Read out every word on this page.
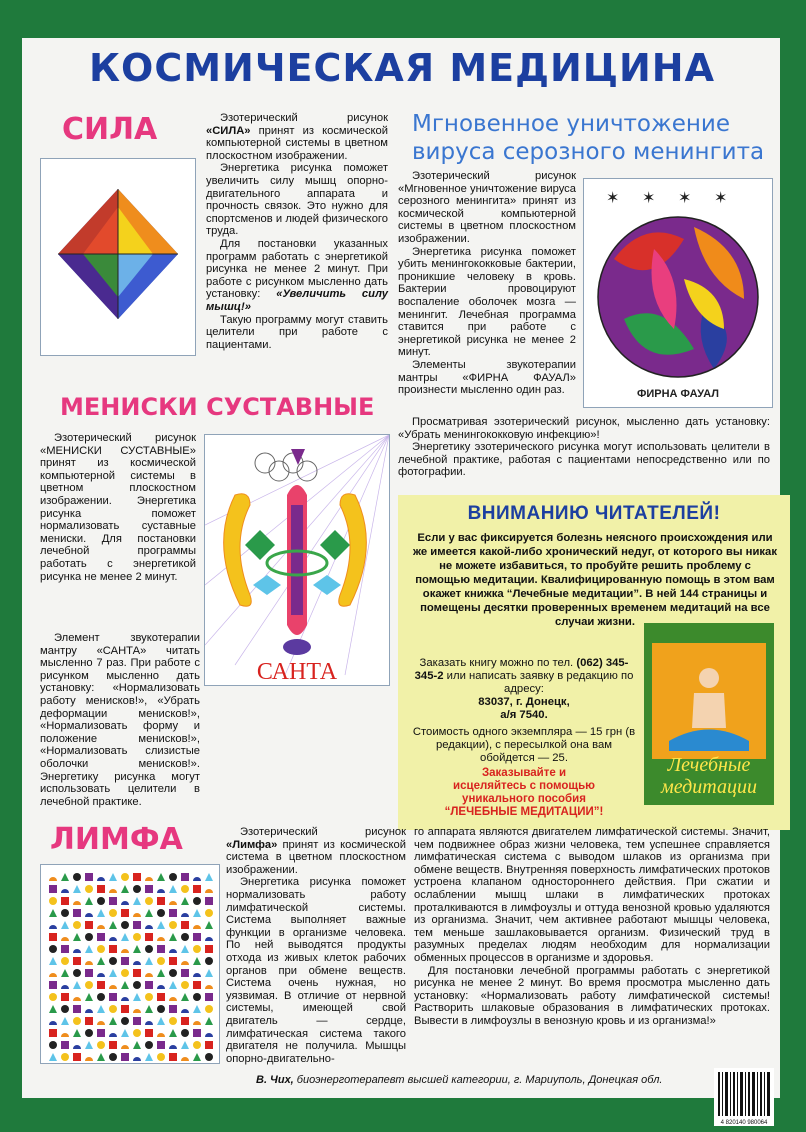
КОСМИЧЕСКАЯ МЕДИЦИНА
СИЛА	Эзотерический рисунок «СИЛА» принят из космической компьютерной системы в цветном плоскостном изображении.

Энергетика рисунка поможет увеличить силу мышц опорно-двигательного аппарата и прочность связок. Это нужно для спортсменов и людей физического труда.

Для постановки указанных программ работать с энергетикой рисунка не менее 2 минут. При работе с рисунком мысленно дать установку: «Увеличить силу мышц!»

Такую программу могут ставить целители при работе с пациентами.

Мгновенное уничтожение вируса серозного менингита

Эзотерический рисунок «Мгновенное уничтожение вируса серозного менингита» принят из космической компьютерной системы в цветном плоскостном изображении.

Энергетика рисунка поможет убить менингококковые бактерии, проникшие человеку в кровь. Бактерии провоцируют воспаление оболочек мозга — менингит. Лечебная программа ставится при работе с энергетикой рисунка не менее 2 минут.

Элементы звукотерапии мантры «ФИРНА ФАУАЛ» произнести мысленно один раз.

✶ ✶ ✶ ✶
ФИРНА ФАУАЛ

Просматривая эзотерический рисунок, мысленно дать установку: «Убрать менингококковую инфекцию»!

Энергетику эзотерического рисунка могут использовать целители в лечебной практике, работая с пациентами непосредственно или по фотографии.

МЕНИСКИ СУСТАВНЫЕ

Эзотерический рисунок «МЕНИСКИ СУСТАВНЫЕ» принят из космической компьютерной системы в цветном плоскостном изображении. Энергетика рисунка поможет нормализовать суставные мениски. Для постановки лечебной программы работать с энергетикой рисунка не менее 2 минут.

САНТА

Элемент звукотерапии мантру «САНТА» читать мысленно 7 раз. При работе с рисунком мысленно дать установку: «Нормализовать работу менисков!», «Убрать деформации менисков!», «Нормализовать форму и положение менисков!», «Нормализовать слизистые оболочки менисков!». Энергетику рисунка могут использовать целители в лечебной практике.

ВНИМАНИЮ ЧИТАТЕЛЕЙ!
Если у вас фиксируется болезнь неясного происхождения или же имеется какой-либо хронический недуг, от которого вы никак не можете избавиться, то пробуйте решить проблему с помощью медитации. Квалифицированную помощь в этом вам окажет книжка “Лечебные медитации”. В ней 144 страницы и помещены десятки проверенных временем медитаций на все случаи жизни.
Заказать книгу можно по тел. (062) 345-345-2 или написать заявку в редакцию по адресу:
83037, г. Донецк,
а/я 7540.
Стоимость одного экземпляра — 15 грн (в редакции), с пересылкой она вам обойдется — 25.
Заказывайте и
исцеляйтесь с помощью
уникального пособия
“ЛЕЧЕБНЫЕ МЕДИТАЦИИ”!
Лечебные
медитации
ЛИМФА	Эзотерический рисунок «Лимфа» принят из космической система в цветном плоскостном изображении.

Энергетика рисунка поможет нормализовать работу лимфатической системы. Система выполняет важные функции в организме человека. По ней выводятся продукты отхода из живых клеток рабочих органов при обмене веществ. Система очень нужная, но уязвимая. В отличие от нервной системы, имеющей свой двигатель — сердце, лимфатическая система такого двигателя не получила. Мышцы опорно-двигательно-

го аппарата являются двигателем лимфатической системы. Значит, чем подвижнее образ жизни человека, тем успешнее справляется лимфатическая система с выводом шлаков из организма при обмене веществ. Внутренняя поверхность лимфатических протоков устроена клапаном одностороннего действия. При сжатии и ослаблении мышц шлаки в лимфатических протоках проталкиваются в лимфоузлы и оттуда венозной кровью удаляются из организма. Значит, чем активнее работают мышцы человека, тем меньше зашлаковывается организм. Физический труд в разумных пределах людям необходим для нормализации обменных процессов в организме и здоровья.

Для постановки лечебной программы работать с энергетикой рисунка не менее 2 минут. Во время просмотра мысленно дать установку: «Нормализовать работу лимфатической системы! Растворить шлаковые образования в лимфатических протоках. Вывести в лимфоузлы в венозную кровь и из организма!»

В. Чих, биоэнерготерапевт высшей категории, г. Мариуполь, Донецкая обл.
4 820140 980064
